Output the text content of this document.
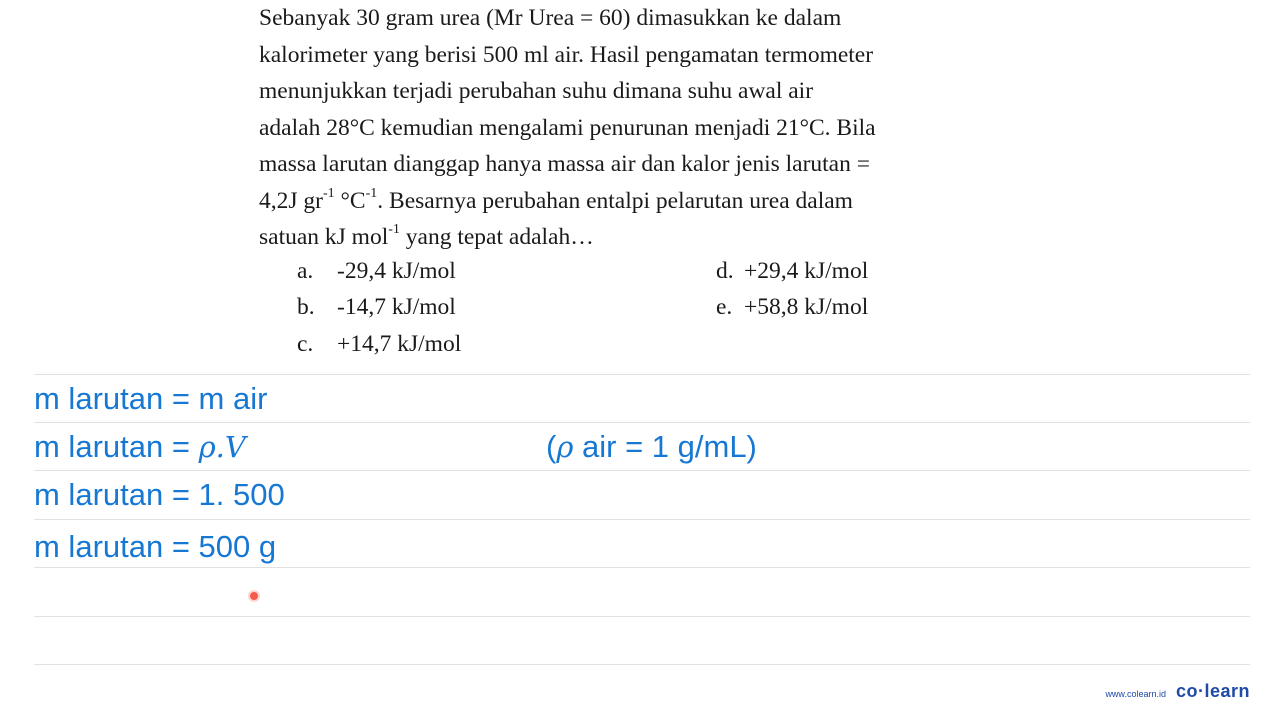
Sebanyak 30 gram urea (Mr Urea = 60) dimasukkan ke dalam

kalorimeter yang berisi 500 ml air. Hasil pengamatan termometer

menunjukkan terjadi perubahan suhu dimana suhu awal air

adalah 28°C kemudian mengalami penurunan menjadi 21°C. Bila

massa larutan dianggap hanya massa air dan kalor jenis larutan =

4,2J $gr^{-1}$ $^\circ C^{-1}$. Besarnya perubahan entalpi pelarutan urea dalam

satuan kJ mol$^{-1}$ yang tepat adalah…

a. -29,4 kJ/mol
b. -14,7 kJ/mol
c. +14,7 kJ/mol
d. +29,4 kJ/mol
e. +58,8 kJ/mol
m larutan = m air
m larutan = ρ.V	(ρ air = 1 g/mL)
m larutan = 1. 500
m larutan = 500 g
www.colearn.id co·learn
